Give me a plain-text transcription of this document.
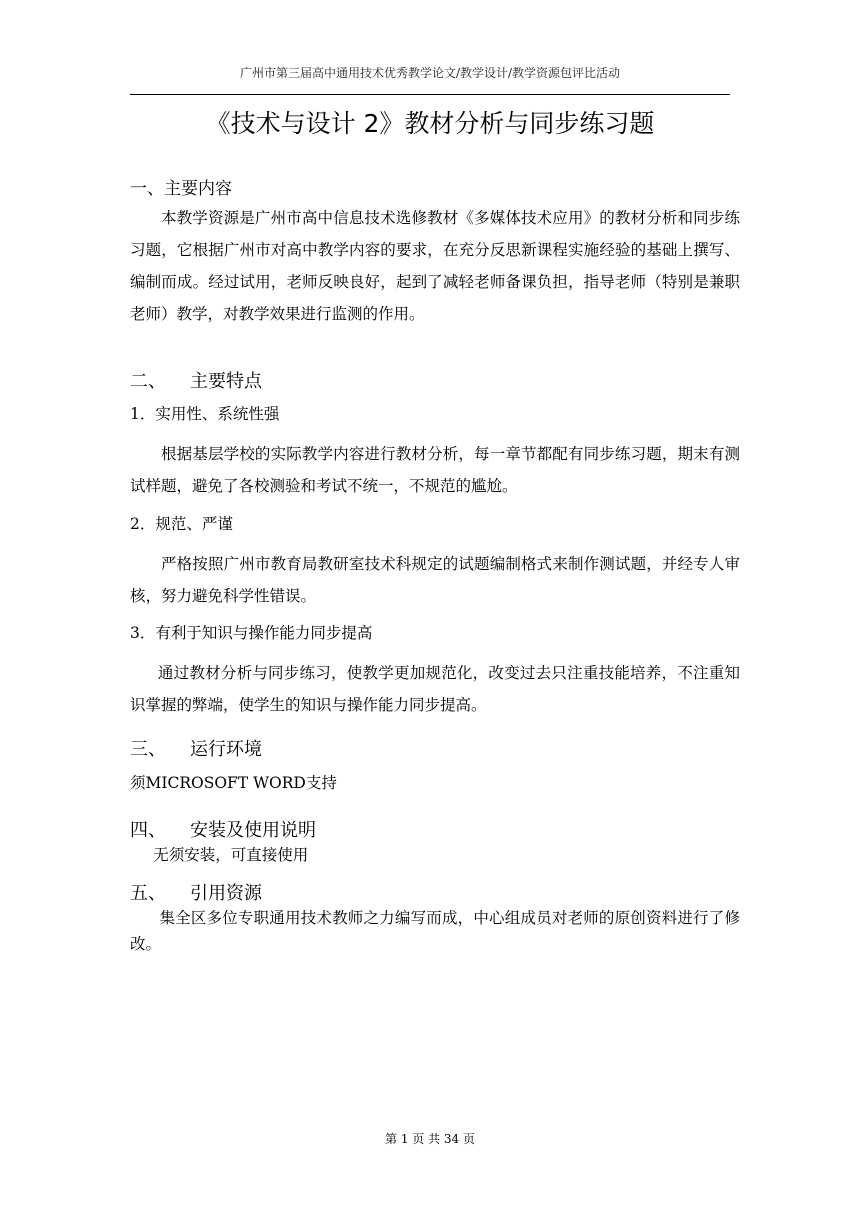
广州市第三届高中通用技术优秀教学论文/教学设计/教学资源包评比活动
《技术与设计 2》教材分析与同步练习题
一、主要内容
本教学资源是广州市高中信息技术选修教材《多媒体技术应用》的教材分析和同步练习题，它根据广州市对高中教学内容的要求，在充分反思新课程实施经验的基础上撰写、编制而成。经过试用，老师反映良好，起到了减轻老师备课负担，指导老师（特别是兼职老师）教学，对教学效果进行监测的作用。
二、 主要特点
1．实用性、系统性强
根据基层学校的实际教学内容进行教材分析，每一章节都配有同步练习题，期末有测试样题，避免了各校测验和考试不统一，不规范的尴尬。
2．规范、严谨
严格按照广州市教育局教研室技术科规定的试题编制格式来制作测试题，并经专人审核，努力避免科学性错误。
3．有利于知识与操作能力同步提高
通过教材分析与同步练习，使教学更加规范化，改变过去只注重技能培养，不注重知识掌握的弊端，使学生的知识与操作能力同步提高。
三、 运行环境
须MICROSOFT WORD支持
四、 安装及使用说明
无须安装，可直接使用
五、 引用资源
集全区多位专职通用技术教师之力编写而成，中心组成员对老师的原创资料进行了修改。
第 1 页 共 34 页
